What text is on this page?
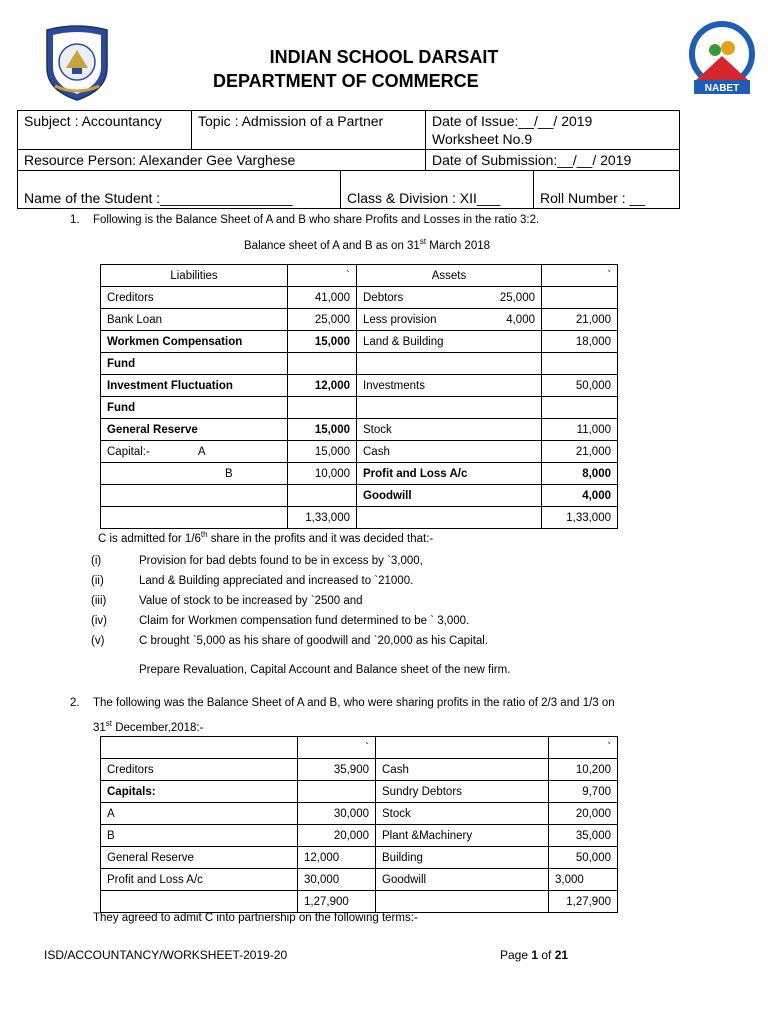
NABET
INDIAN SCHOOL DARSAIT
DEPARTMENT OF COMMERCE
Subject : Accountancy	Topic : Admission of a Partner	Date of Issue:__/__/ 2019
Worksheet No.9

Resource Person: Alexander Gee Varghese	Date of Submission:__/__/ 2019

Name of the Student :_________________	Class & Division : XII___	Roll Number : __
1. Following is the Balance Sheet of A and B who share Profits and Losses in the ratio 3:2.
Balance sheet of A and B as on 31st March 2018
Liabilities	`	Assets	`
Creditors	41,000	Debtors 25,000	

Bank Loan	25,000	Less provision 4,000	21,000
Workmen Compensation	15,000	Land & Building	18,000
Fund			
Investment Fluctuation	12,000	Investments	50,000
Fund			
General Reserve	15,000	Stock	11,000
Capital:- A	15,000	Cash	21,000
B	10,000	Profit and Loss A/c	8,000
		Goodwill	4,000
	1,33,000		1,33,000
C is admitted for 1/6th share in the profits and it was decided that:-
(i)	Provision for bad debts found to be in excess by `3,000,
(ii)	Land & Building appreciated and increased to `21000.
(iii)	Value of stock to be increased by `2500 and
(iv)	Claim for Workmen compensation fund determined to be ` 3,000.
(v)	C brought `5,000 as his share of goodwill and `20,000 as his Capital.
Prepare Revaluation, Capital Account and Balance sheet of the new firm.
2. The following was the Balance Sheet of A and B, who were sharing profits in the ratio of 2/3 and 1/3 on
31st December,2018:-
	`		`
Creditors	35,900	Cash	10,200
Capitals:		Sundry Debtors	9,700
A	30,000	Stock	20,000
B	20,000	Plant &Machinery	35,000
General Reserve	12,000	Building	50,000
Profit and Loss A/c	30,000	Goodwill	3,000
	1,27,900		1,27,900
They agreed to admit C into partnership on the following terms:-
ISD/ACCOUNTANCY/WORKSHEET-2019-20	Page 1 of 21
